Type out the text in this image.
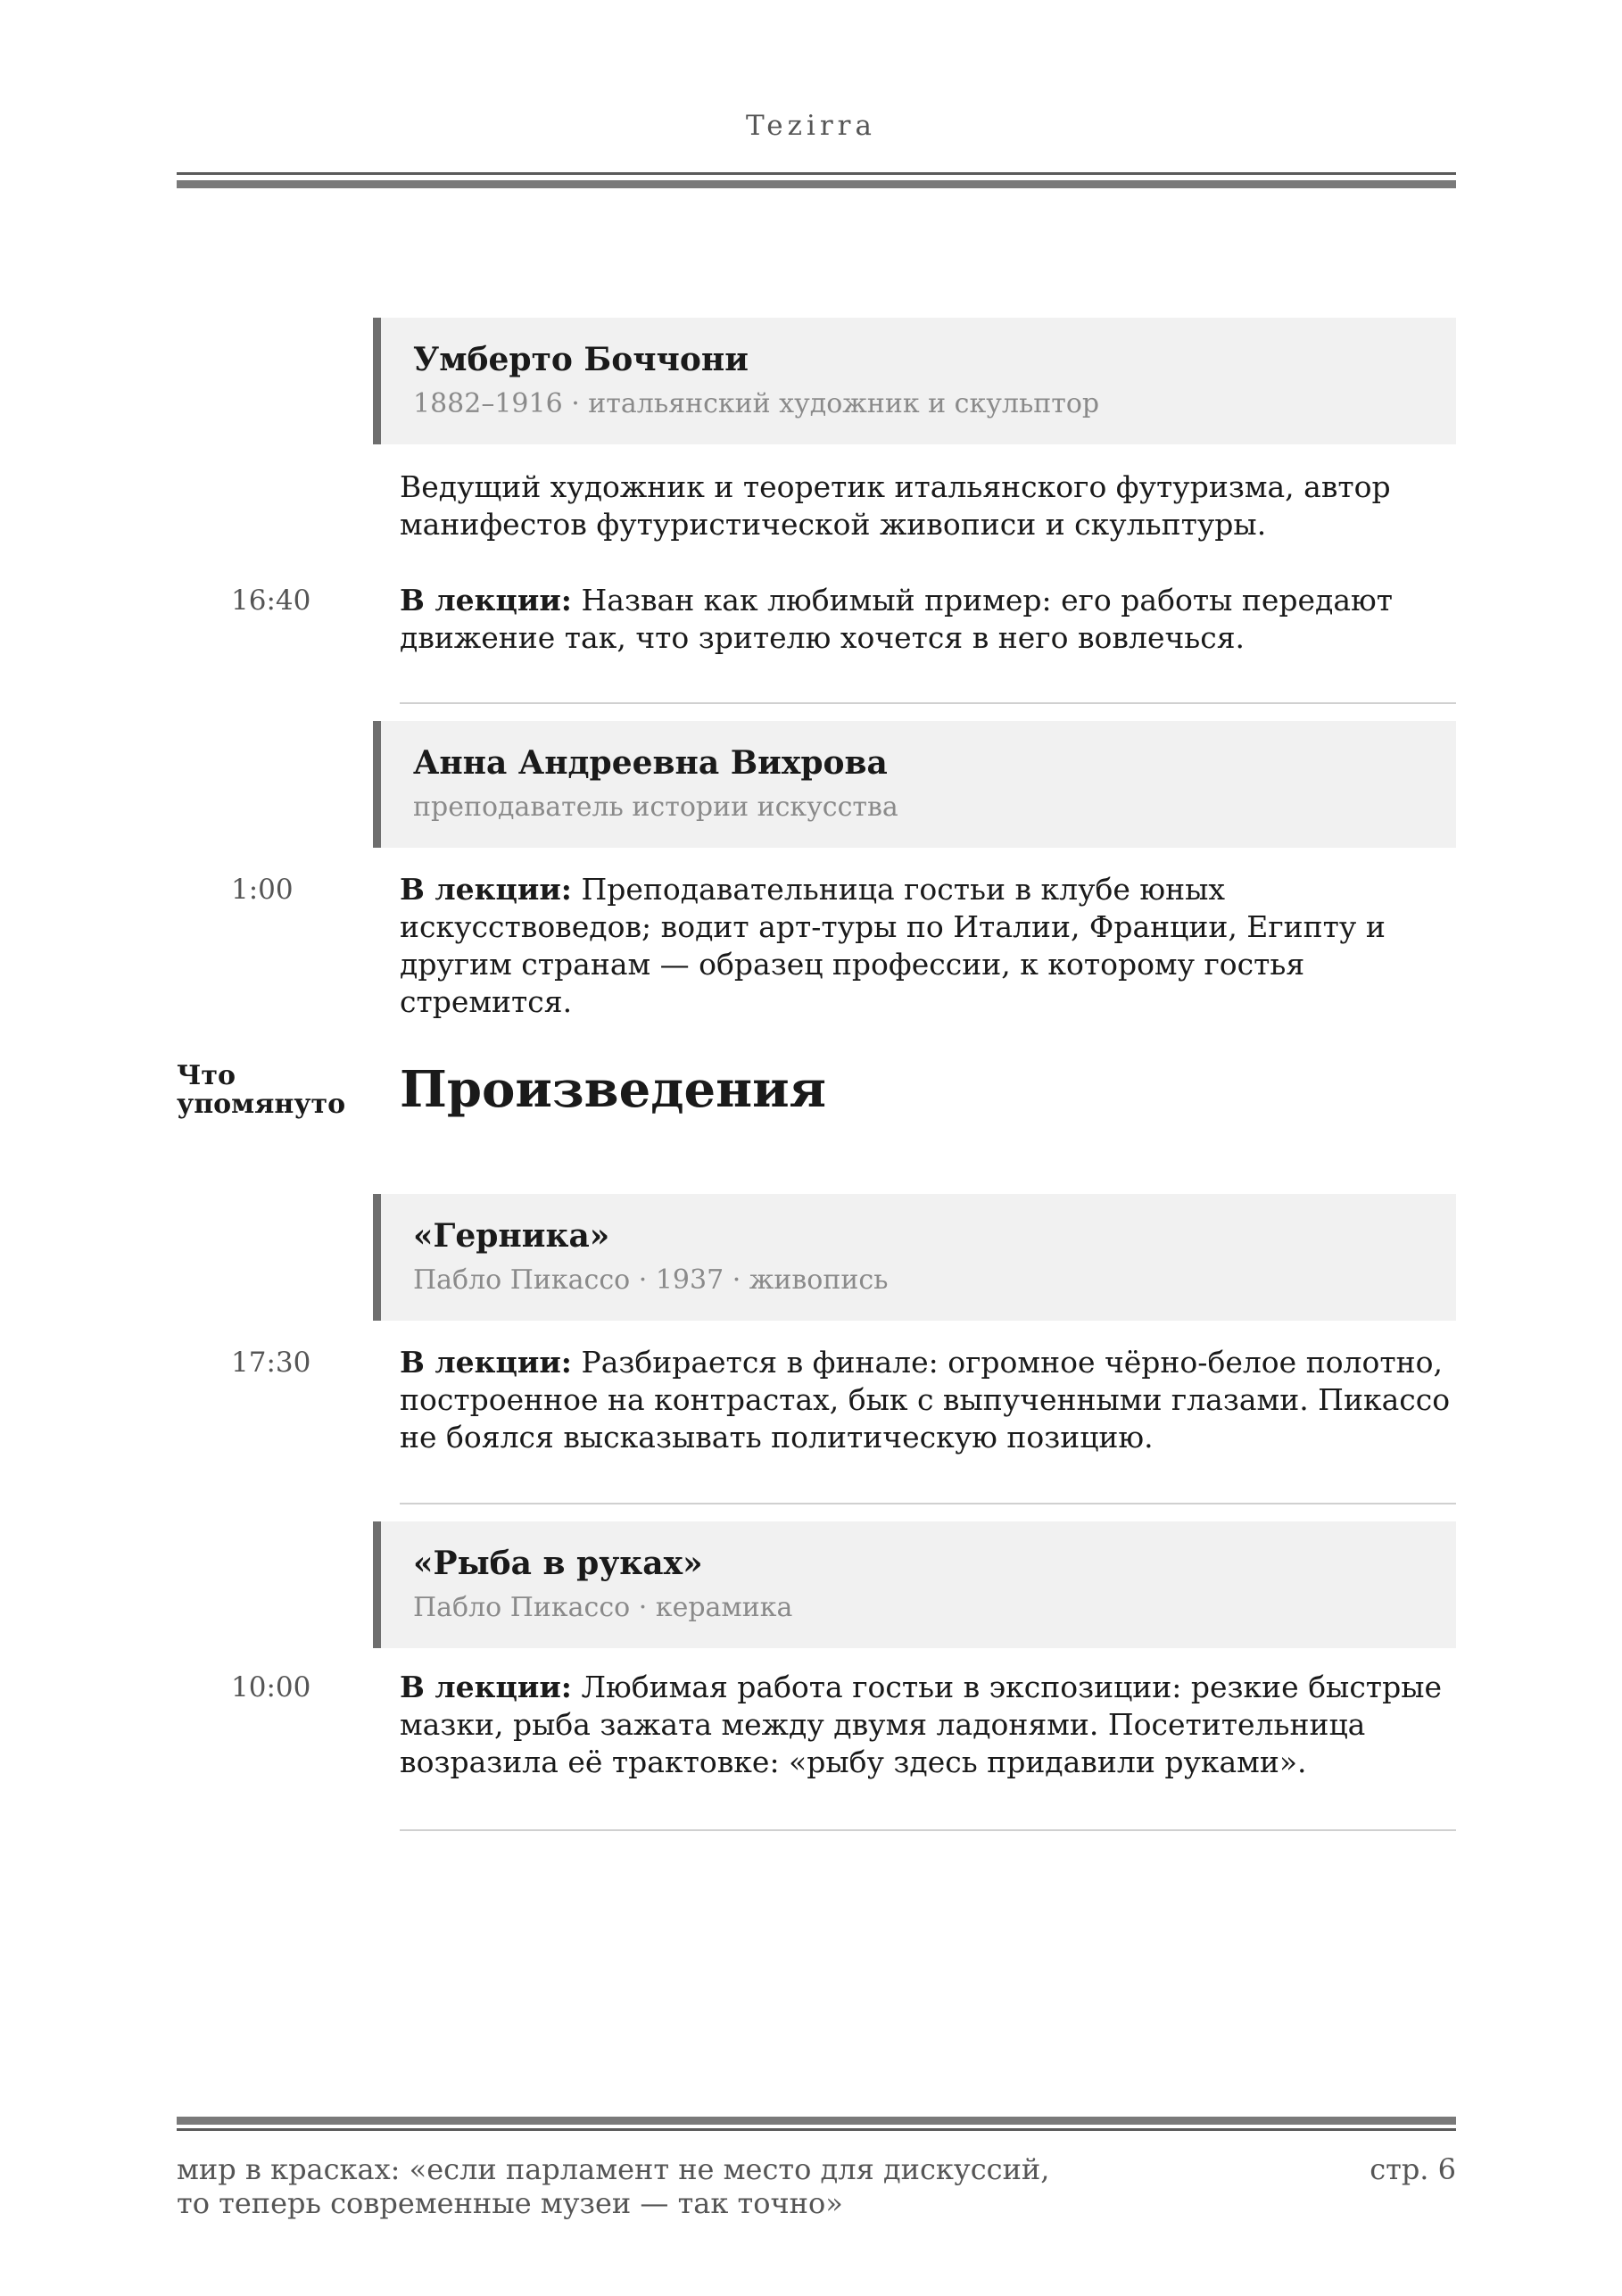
Tezirra
Умберто Боччони
1882–1916 · итальянский художник и скульптор
Ведущий художник и теоретик итальянского футуризма, автор манифестов футуристической живописи и скульптуры.
16:40	В лекции: Назван как любимый пример: его работы передают движение так, что зрителю хочется в него вовлечься.
Анна Андреевна Вихрова
преподаватель истории искусства
1:00	В лекции: Преподавательница гостьи в клубе юных искусствоведов; водит арт-туры по Италии, Франции, Египту и другим странам — образец профессии, к которому гостья стремится.
Что упомянуто	Произведения
«Герника»
Пабло Пикассо · 1937 · живопись
17:30	В лекции: Разбирается в финале: огромное чёрно-белое полотно, построенное на контрастах, бык с выпученными глазами. Пикассо не боялся высказывать политическую позицию.
«Рыба в руках»
Пабло Пикассо · керамика
10:00	В лекции: Любимая работа гостьи в экспозиции: резкие быстрые мазки, рыба зажата между двумя ладонями. Посетительница возразила её трактовке: «рыбу здесь придавили руками».
мир в красках: «если парламент не место для дискуссий, то теперь современные музеи — так точно»
стр. 6
